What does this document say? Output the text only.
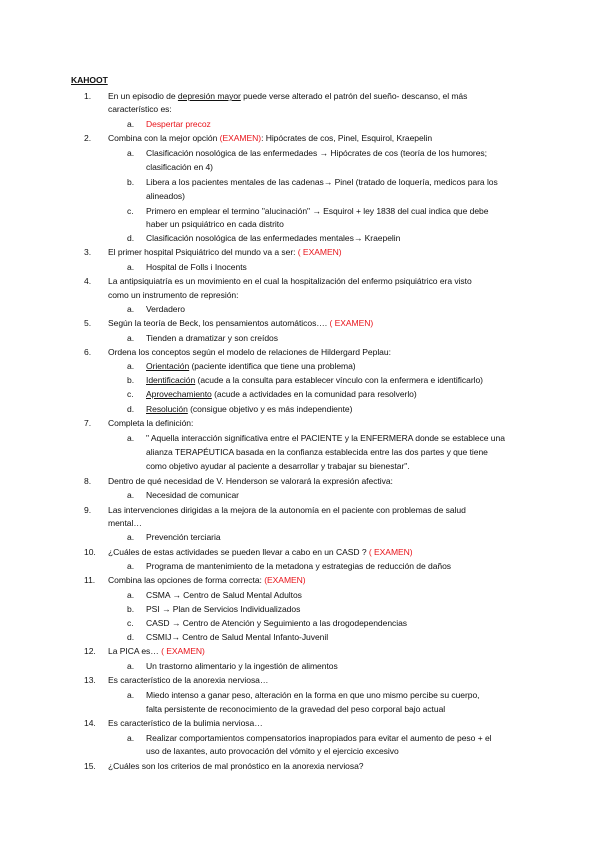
KAHOOT
1. En un episodio de depresión mayor puede verse alterado el patrón del sueño- descanso, el más
característico es:
a. Despertar precoz
2. Combina con la mejor opción (EXAMEN): Hipócrates de cos, Pinel, Esquirol, Kraepelin
a. Clasificación nosológica de las enfermedades → Hipócrates de cos (teoría de los humores;
clasificación en 4)
b. Libera a los pacientes mentales de las cadenas→ Pinel (tratado de loquería, medicos para los
alineados)
c. Primero en emplear el termino "alucinación" → Esquirol + ley 1838 del cual indica que debe
haber un psiquiátrico en cada distrito
d. Clasificación nosológica de las enfermedades mentales→ Kraepelin
3. El primer hospital Psiquiátrico del mundo va a ser: ( EXAMEN)
a. Hospital de Folls i Inocents
4. La antipsiquiatría es un movimiento en el cual la hospitalización del enfermo psiquiátrico era visto
como un instrumento de represión:
a. Verdadero
5. Según la teoría de Beck, los pensamientos automáticos…. ( EXAMEN)
a. Tienden a dramatizar y son creídos
6. Ordena los conceptos según el modelo de relaciones de Hildergard Peplau:
a. Orientación (paciente identifica que tiene una problema)
b. Identificación (acude a la consulta para establecer vínculo con la enfermera e identificarlo)
c. Aprovechamiento (acude a actividades en la comunidad para resolverlo)
d. Resolución (consigue objetivo y es más independiente)
7. Completa la definición:
a. " Aquella interacción significativa entre el PACIENTE y la ENFERMERA donde se establece una
alianza TERAPÉUTICA basada en la confianza establecida entre las dos partes y que tiene
como objetivo ayudar al paciente a desarrollar y trabajar su bienestar".
8. Dentro de qué necesidad de V. Henderson se valorará la expresión afectiva:
a. Necesidad de comunicar
9. Las intervenciones dirigidas a la mejora de la autonomía en el paciente con problemas de salud
mental…
a. Prevención terciaria
10. ¿Cuáles de estas actividades se pueden llevar a cabo en un CASD ? ( EXAMEN)
a. Programa de mantenimiento de la metadona y estrategias de reducción de daños
11. Combina las opciones de forma correcta: (EXAMEN)
a. CSMA → Centro de Salud Mental Adultos
b. PSI → Plan de Servicios Individualizados
c. CASD → Centro de Atención y Seguimiento a las drogodependencias
d. CSMIJ→ Centro de Salud Mental Infanto-Juvenil
12. La PICA es… ( EXAMEN)
a. Un trastorno alimentario y la ingestión de alimentos
13. Es característico de la anorexia nerviosa…
a. Miedo intenso a ganar peso, alteración en la forma en que uno mismo percibe su cuerpo,
falta persistente de reconocimiento de la gravedad del peso corporal bajo actual
14. Es característico de la bulimia nerviosa…
a. Realizar comportamientos compensatorios inapropiados para evitar el aumento de peso + el
uso de laxantes, auto provocación del vómito y el ejercicio excesivo
15. ¿Cuáles son los criterios de mal pronóstico en la anorexia nerviosa?
